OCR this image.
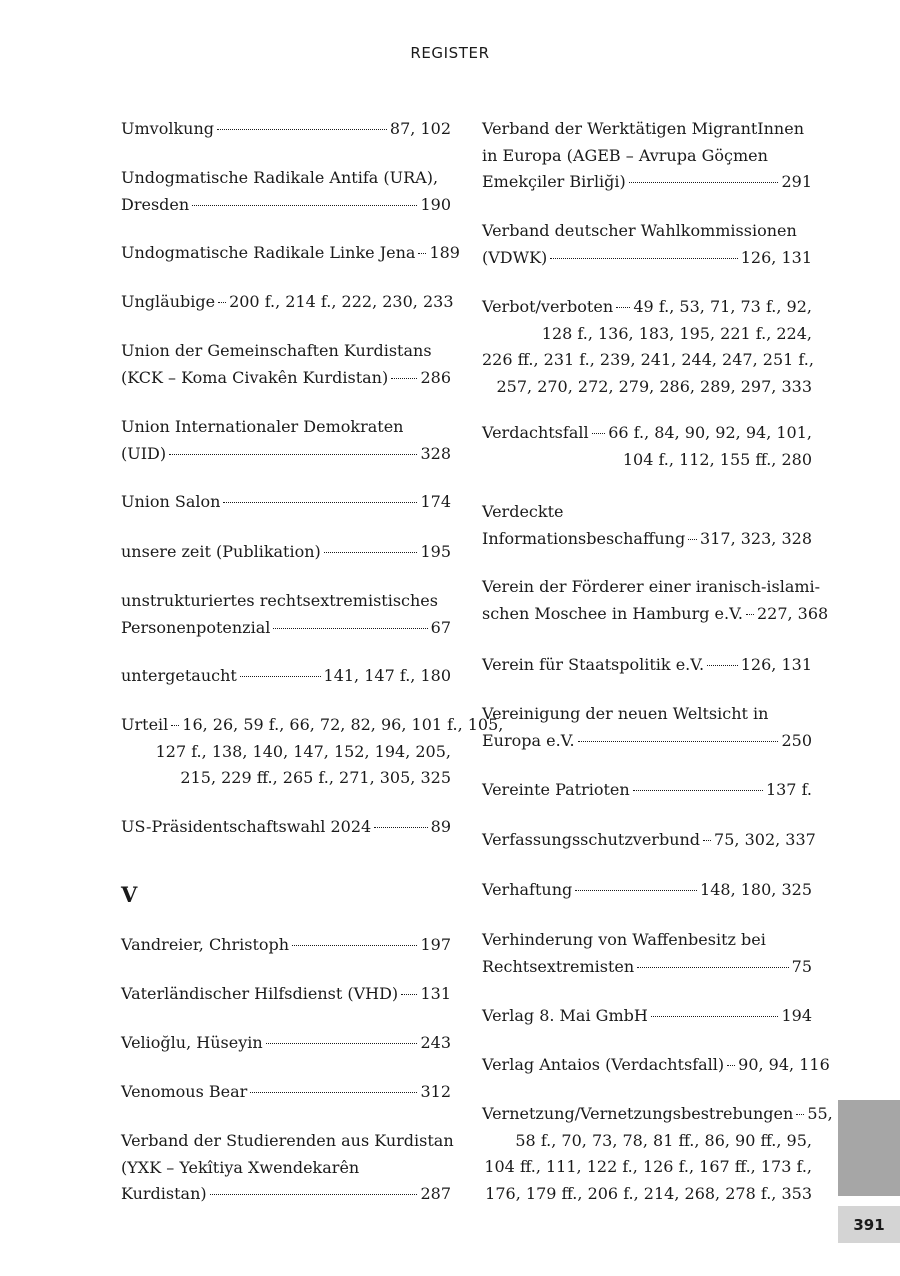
REGISTER
Umvolkung	87, 102
Undogmatische Radikale Antifa (URA),
Dresden	190
Undogmatische Radikale Linke Jena 189
Ungläubige 200 f., 214 f., 222, 230, 233
Union der Gemeinschaften Kurdistans
(KCK – Koma Civakên Kurdistan) 286
Union Internationaler Demokraten
(UID)	328
Union Salon	174
unsere zeit (Publikation)	195
unstrukturiertes rechtsextremistisches
Personenpotenzial	67
untergetaucht	141, 147 f., 180
Urteil 16, 26, 59 f., 66, 72, 82, 96, 101 f., 105,
127 f., 138, 140, 147, 152, 194, 205,
215, 229 ff., 265 f., 271, 305, 325
US-Präsidentschaftswahl 2024	89
V
Vandreier, Christoph	197
Vaterländischer Hilfsdienst (VHD) 131
Velioğlu, Hüseyin	243
Venomous Bear	312
Verband der Studierenden aus Kurdistan
(YXK – Yekîtiya Xwendekarên
Kurdistan)	287
Verband der Werktätigen MigrantInnen
in Europa (AGEB – Avrupa Göçmen
Emekçiler Birliği)	291
Verband deutscher Wahlkommissionen
(VDWK)	126, 131
Verbot/verboten 49 f., 53, 71, 73 f., 92,
128 f., 136, 183, 195, 221 f., 224,
226 ff., 231 f., 239, 241, 244, 247, 251 f.,
257, 270, 272, 279, 286, 289, 297, 333
Verdachtsfall 66 f., 84, 90, 92, 94, 101,
104 f., 112, 155 ff., 280
Verdeckte
Informationsbeschaffung 317, 323, 328
Verein der Förderer einer iranisch-islami-
schen Moschee in Hamburg e.V. 227, 368
Verein für Staatspolitik e.V. 126, 131
Vereinigung der neuen Weltsicht in
Europa e.V.	250
Vereinte Patrioten	137 f.
Verfassungsschutzverbund 75, 302, 337
Verhaftung	148, 180, 325
Verhinderung von Waffenbesitz bei
Rechtsextremisten	75
Verlag 8. Mai GmbH	194
Verlag Antaios (Verdachtsfall) 90, 94, 116
Vernetzung/Vernetzungsbestrebungen 55,
58 f., 70, 73, 78, 81 ff., 86, 90 ff., 95,
104 ff., 111, 122 f., 126 f., 167 ff., 173 f.,
176, 179 ff., 206 f., 214, 268, 278 f., 353
391
